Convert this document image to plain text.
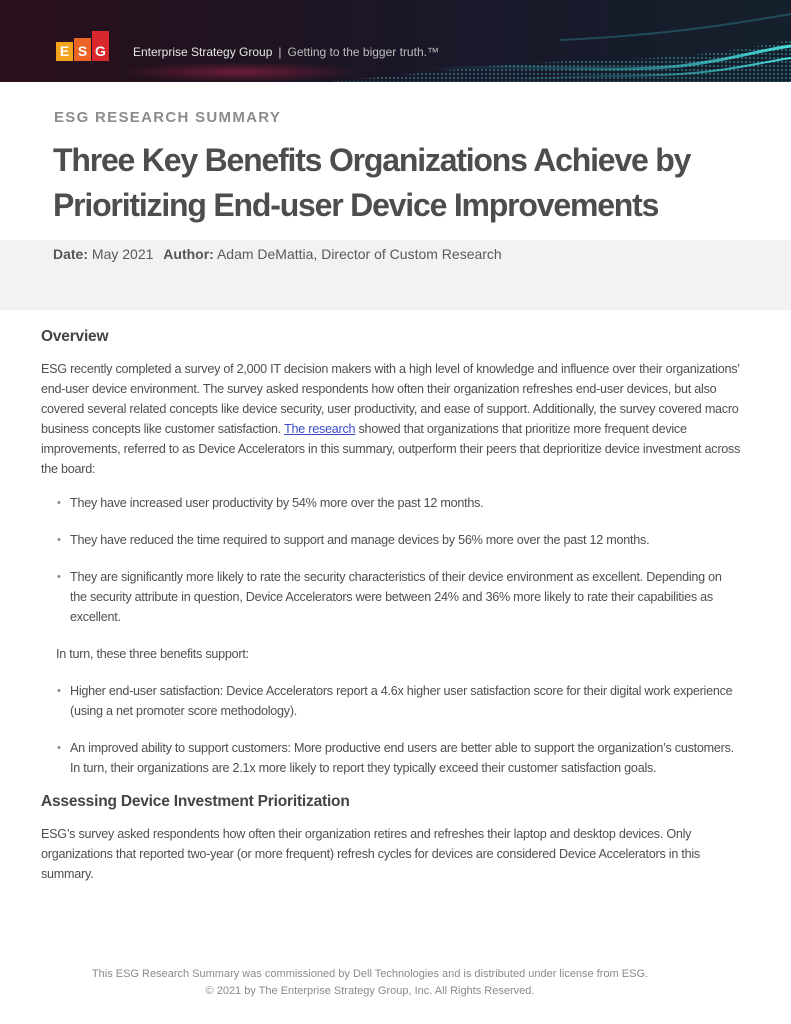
E S G Enterprise Strategy Group | Getting to the bigger truth.™
ESG RESEARCH SUMMARY
Three Key Benefits Organizations Achieve by Prioritizing End-user Device Improvements
Date: May 2021 Author: Adam DeMattia, Director of Custom Research
Overview

ESG recently completed a survey of 2,000 IT decision makers with a high level of knowledge and influence over their organizations’ end-user device environment. The survey asked respondents how often their organization refreshes end-user devices, but also covered several related concepts like device security, user productivity, and ease of support. Additionally, the survey covered macro business concepts like customer satisfaction. The research showed that organizations that prioritize more frequent device improvements, referred to as Device Accelerators in this summary, outperform their peers that deprioritize device investment across the board:

• They have increased user productivity by 54% more over the past 12 months.
• They have reduced the time required to support and manage devices by 56% more over the past 12 months.
• They are significantly more likely to rate the security characteristics of their device environment as excellent. Depending on the security attribute in question, Device Accelerators were between 24% and 36% more likely to rate their capabilities as excellent.

In turn, these three benefits support:

• Higher end-user satisfaction: Device Accelerators report a 4.6x higher user satisfaction score for their digital work experience (using a net promoter score methodology).
• An improved ability to support customers: More productive end users are better able to support the organization’s customers. In turn, their organizations are 2.1x more likely to report they typically exceed their customer satisfaction goals.
Assessing Device Investment Prioritization

ESG’s survey asked respondents how often their organization retires and refreshes their laptop and desktop devices. Only organizations that reported two-year (or more frequent) refresh cycles for devices are considered Device Accelerators in this summary.

This ESG Research Summary was commissioned by Dell Technologies and is distributed under license from ESG.
© 2021 by The Enterprise Strategy Group, Inc. All Rights Reserved.
